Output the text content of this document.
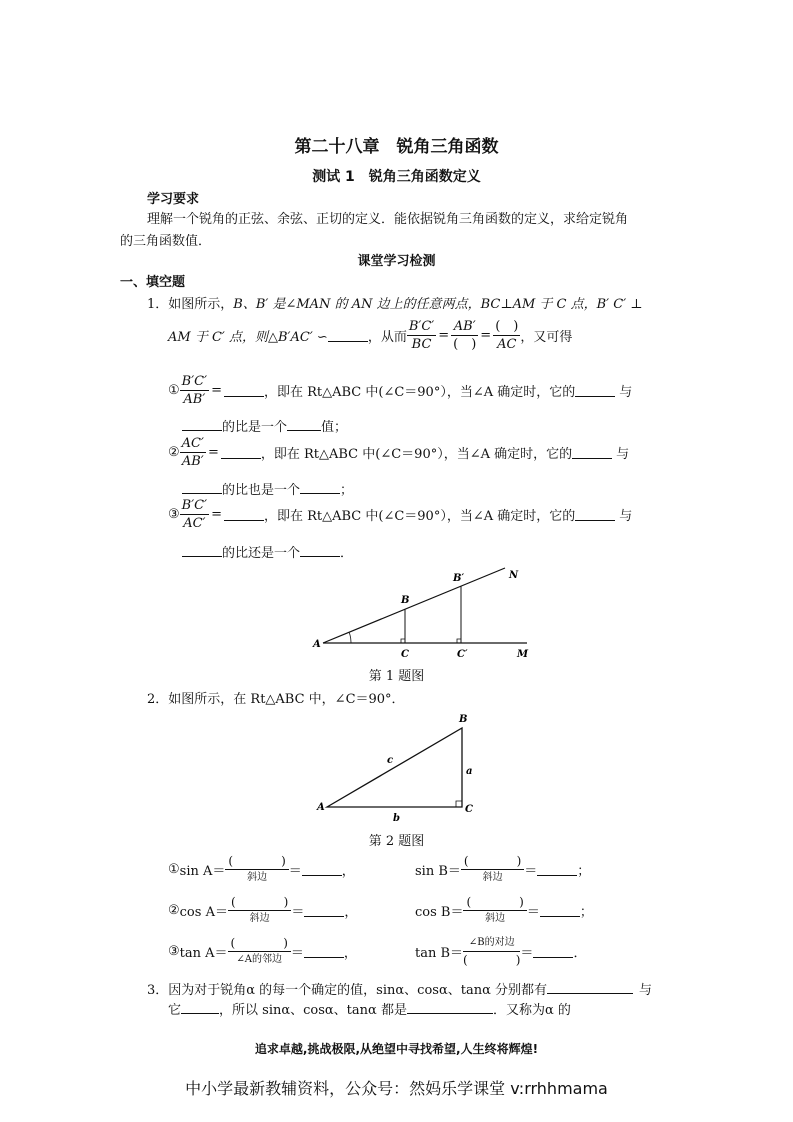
第二十八章　锐角三角函数
测试 1　锐角三角函数定义
学习要求
理解一个锐角的正弦、余弦、正切的定义．能依据锐角三角函数的定义，求给定锐角
的三角函数值．
课堂学习检测
一、填空题
1．如图所示，B、B′ 是∠MAN 的 AN 边上的任意两点，BC⊥AM 于 C 点，B′ C′ ⊥
AM 于 C′ 点，则△B′AC′ ∽	，从而 $\frac{B'C'}{BC} = \frac{AB'}{( )} = \frac{( )}{AC}$ ，又可得
① $\frac{B'C'}{AB'}$ =	，即在 Rt△ABC 中(∠C＝90°），当∠A 确定时，它的	与
的比是一个	值；
② $\frac{AC'}{AB'}$ =	，即在 Rt△ABC 中(∠C＝90°），当∠A 确定时，它的	与
的比也是一个	；
③ $\frac{B'C'}{AC'}$ =	，即在 Rt△ABC 中(∠C＝90°），当∠A 确定时，它的	与
的比还是一个	．
A
B
B′	N
C	C′	M
第 1 题图
2．如图所示，在 Rt△ABC 中，∠C＝90°．
A
B
C
a
b
c
第 2 题图
① $\sin A= \frac{( )}{\text{斜边}}$ ＝	，	$\sin B= \frac{( )}{\text{斜边}}$ ＝	；
② $\cos A= \frac{( )}{\text{斜边}}$ ＝	，	$\cos B= \frac{( )}{\text{斜边}}$ ＝	；
③ $\tan A= \frac{( )}{\text{∠A的邻边}}$ ＝	，	$\tan B= \frac{\text{∠B的对边}}{( )}$ ＝	．
3．因为对于锐角α 的每一个确定的值，sinα、cosα、tanα 分别都有	与
它	，所以 sinα、cosα、tanα 都是	．又称为α 的
追求卓越,挑战极限,从绝望中寻找希望,人生终将辉煌!
中小学最新教辅资料，公众号：然妈乐学课堂 v:rrhhmama
